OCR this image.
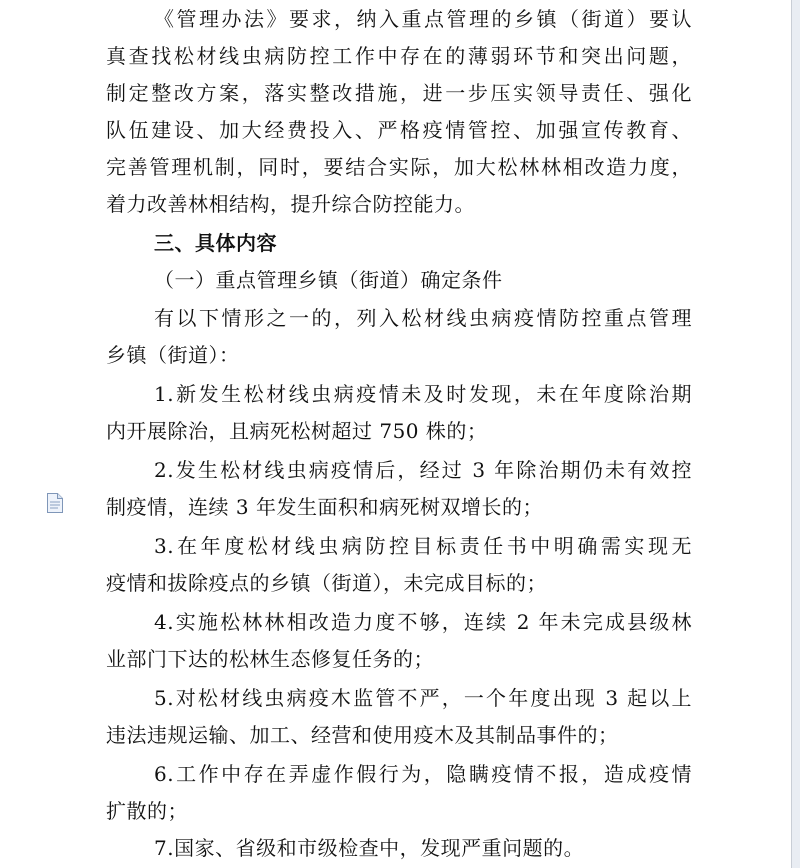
《管理办法》要求，纳入重点管理的乡镇（街道）要认
真查找松材线虫病防控工作中存在的薄弱环节和突出问题，
制定整改方案，落实整改措施，进一步压实领导责任、强化
队伍建设、加大经费投入、严格疫情管控、加强宣传教育、
完善管理机制，同时，要结合实际，加大松林林相改造力度，
着力改善林相结构，提升综合防控能力。
三、具体内容
（一）重点管理乡镇（街道）确定条件
有以下情形之一的，列入松材线虫病疫情防控重点管理
乡镇（街道）：
1.新发生松材线虫病疫情未及时发现，未在年度除治期
内开展除治，且病死松树超过 750 株的；
2.发生松材线虫病疫情后，经过 3 年除治期仍未有效控
制疫情，连续 3 年发生面积和病死树双增长的；
3.在年度松材线虫病防控目标责任书中明确需实现无
疫情和拔除疫点的乡镇（街道），未完成目标的；
4.实施松林林相改造力度不够，连续 2 年未完成县级林
业部门下达的松林生态修复任务的；
5.对松材线虫病疫木监管不严，一个年度出现 3 起以上
违法违规运输、加工、经营和使用疫木及其制品事件的；
6.工作中存在弄虚作假行为，隐瞒疫情不报，造成疫情
扩散的；
7.国家、省级和市级检查中，发现严重问题的。
